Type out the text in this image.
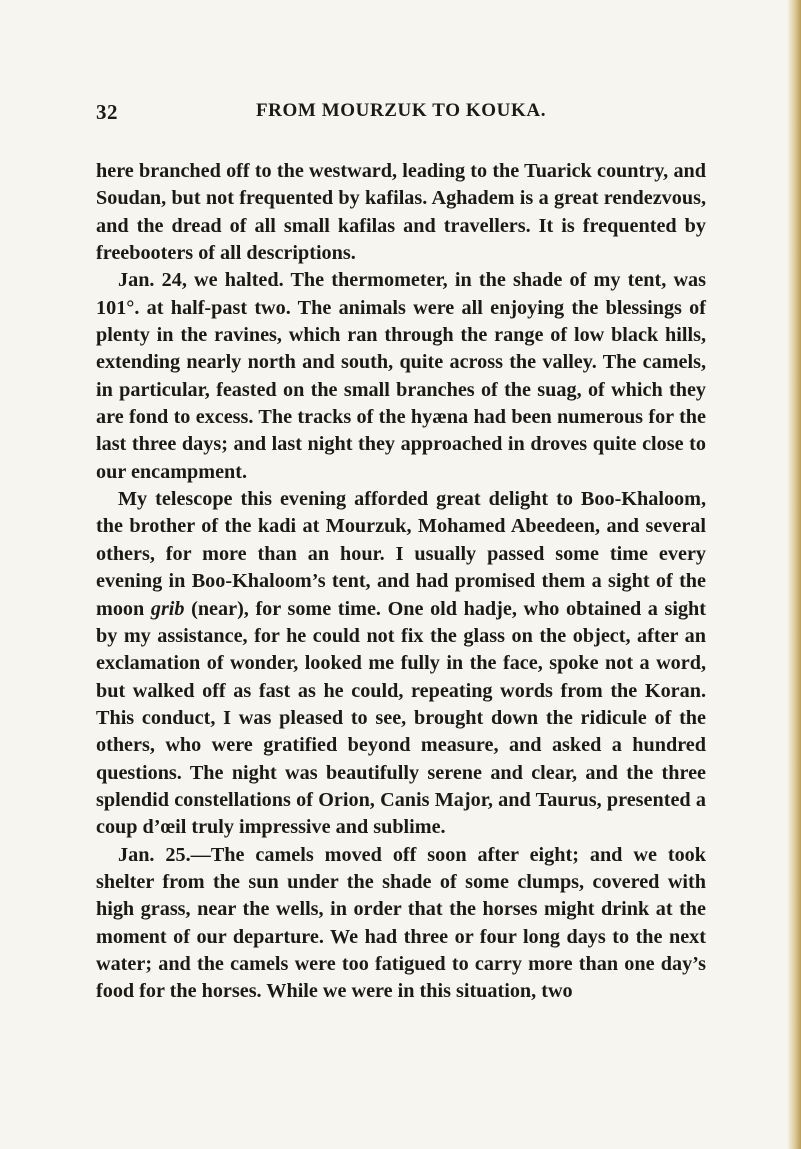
32	FROM MOURZUK TO KOUKA.

here branched off to the westward, leading to the Tuarick country, and Soudan, but not frequented by kafilas. Aghadem is a great rendezvous, and the dread of all small kafilas and travellers. It is frequented by freebooters of all descriptions.

Jan. 24, we halted. The thermometer, in the shade of my tent, was 101°. at half-past two. The animals were all enjoying the blessings of plenty in the ravines, which ran through the range of low black hills, extending nearly north and south, quite across the valley. The camels, in particular, feasted on the small branches of the suag, of which they are fond to excess. The tracks of the hyæna had been numerous for the last three days; and last night they approached in droves quite close to our encampment.

My telescope this evening afforded great delight to Boo-Khaloom, the brother of the kadi at Mourzuk, Mohamed Abeedeen, and several others, for more than an hour. I usually passed some time every evening in Boo-Khaloom’s tent, and had promised them a sight of the moon grib (near), for some time. One old hadje, who obtained a sight by my assistance, for he could not fix the glass on the object, after an exclamation of wonder, looked me fully in the face, spoke not a word, but walked off as fast as he could, repeating words from the Koran. This conduct, I was pleased to see, brought down the ridicule of the others, who were gratified beyond measure, and asked a hundred questions. The night was beautifully serene and clear, and the three splendid constellations of Orion, Canis Major, and Taurus, presented a coup d’œil truly impressive and sublime.

Jan. 25.—The camels moved off soon after eight; and we took shelter from the sun under the shade of some clumps, covered with high grass, near the wells, in order that the horses might drink at the moment of our departure. We had three or four long days to the next water; and the camels were too fatigued to carry more than one day’s food for the horses. While we were in this situation, two
